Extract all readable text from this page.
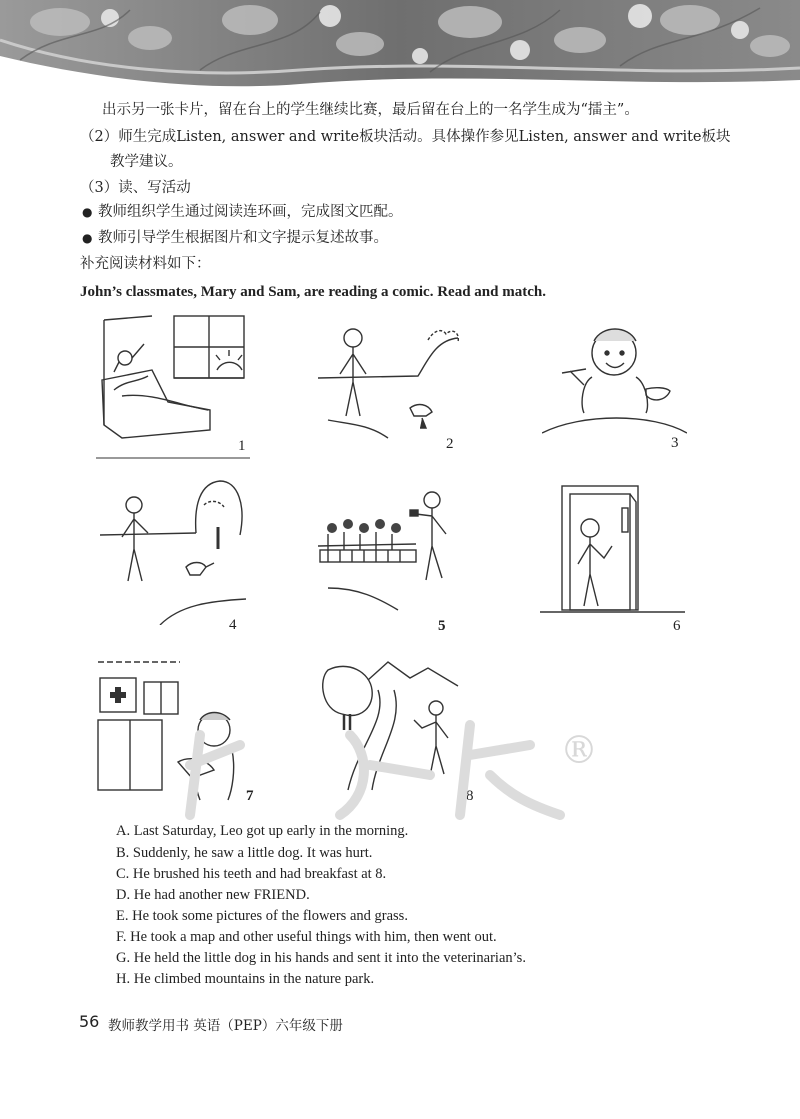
出示另一张卡片，留在台上的学生继续比赛，最后留在台上的一名学生成为“擂主”。
（2）师生完成Listen, answer and write板块活动。具体操作参见Listen, answer and write板块
教学建议。
（3）读、写活动
● 教师组织学生通过阅读连环画，完成图文匹配。
● 教师引导学生根据图片和文字提示复述故事。
补充阅读材料如下：
John’s classmates, Mary and Sam, are reading a comic. Read and match.
1	2	3
4	5	6
7	8
®
A. Last Saturday, Leo got up early in the morning.
B. Suddenly, he saw a little dog. It was hurt.
C. He brushed his teeth and had breakfast at 8.
D. He had another new FRIEND.
E. He took some pictures of the flowers and grass.
F. He took a map and other useful things with him, then went out.
G. He held the little dog in his hands and sent it into the veterinarian’s.
H. He climbed mountains in the nature park.
56 教师教学用书 英语（PEP）六年级下册
